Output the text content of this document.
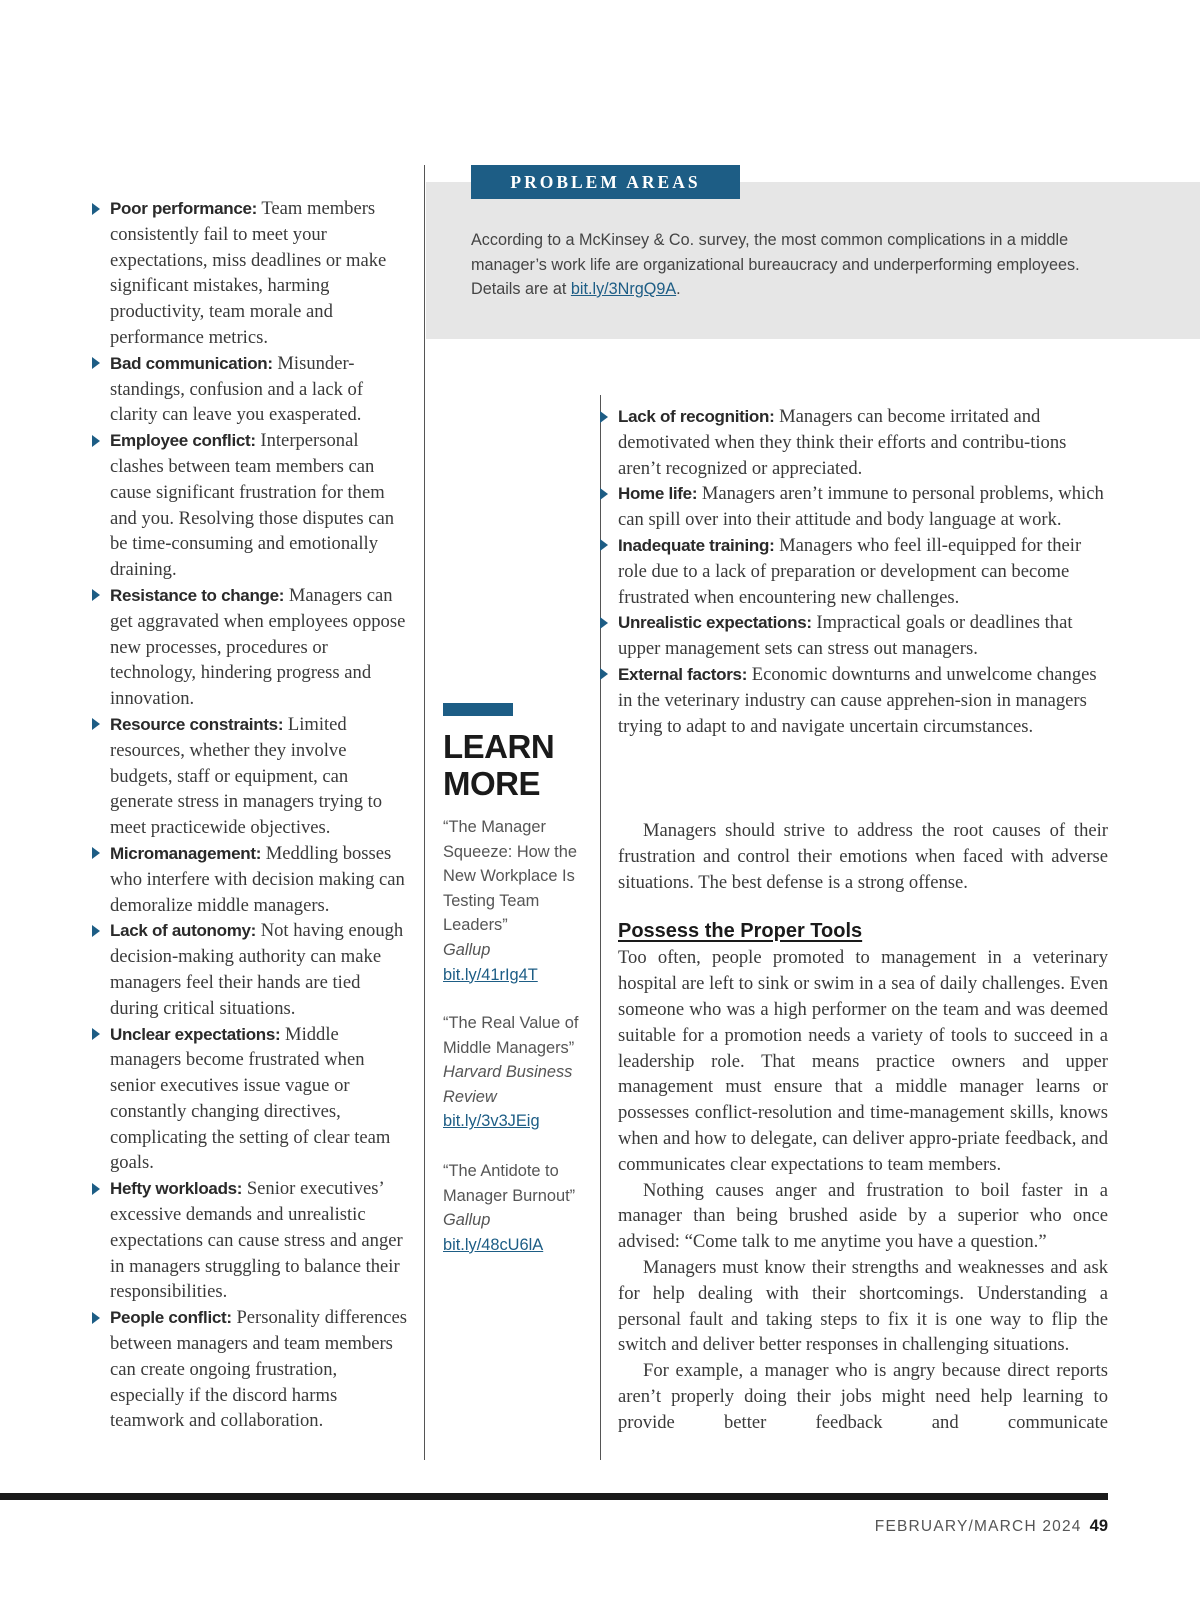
Poor performance: Team members consistently fail to meet your expectations, miss deadlines or make significant mistakes, harming productivity, team morale and performance metrics.
Bad communication: Misunder-standings, confusion and a lack of clarity can leave you exasperated.
Employee conflict: Interpersonal clashes between team members can cause significant frustration for them and you. Resolving those disputes can be time-consuming and emotionally draining.
Resistance to change: Managers can get aggravated when employees oppose new processes, procedures or technology, hindering progress and innovation.
Resource constraints: Limited resources, whether they involve budgets, staff or equipment, can generate stress in managers trying to meet practicewide objectives.
Micromanagement: Meddling bosses who interfere with decision making can demoralize middle managers.
Lack of autonomy: Not having enough decision-making authority can make managers feel their hands are tied during critical situations.
Unclear expectations: Middle managers become frustrated when senior executives issue vague or constantly changing directives, complicating the setting of clear team goals.
Hefty workloads: Senior executives’ excessive demands and unrealistic expectations can cause stress and anger in managers struggling to balance their responsibilities.
People conflict: Personality differences between managers and team members can create ongoing frustration, especially if the discord harms teamwork and collaboration.
PROBLEM AREAS
According to a McKinsey & Co. survey, the most common complications in a middle manager’s work life are organizational bureaucracy and underperforming employees. Details are at bit.ly/3NrgQ9A.
LEARN
MORE
“The Manager Squeeze: How the New Workplace Is Testing Team Leaders”
Gallup
bit.ly/41rIg4T
“The Real Value of Middle Managers”
Harvard Business Review
bit.ly/3v3JEig
“The Antidote to Manager Burnout”
Gallup
bit.ly/48cU6lA
Lack of recognition: Managers can become irritated and demotivated when they think their efforts and contribu-tions aren’t recognized or appreciated.
Home life: Managers aren’t immune to personal problems, which can spill over into their attitude and body language at work.
Inadequate training: Managers who feel ill-equipped for their role due to a lack of preparation or development can become frustrated when encountering new challenges.
Unrealistic expectations: Impractical goals or deadlines that upper management sets can stress out managers.
External factors: Economic downturns and unwelcome changes in the veterinary industry can cause apprehen-sion in managers trying to adapt to and navigate uncertain circumstances.

Managers should strive to address the root causes of their frustration and control their emotions when faced with adverse situations. The best defense is a strong offense.

Possess the Proper Tools

Too often, people promoted to management in a veterinary hospital are left to sink or swim in a sea of daily challenges. Even someone who was a high performer on the team and was deemed suitable for a promotion needs a variety of tools to succeed in a leadership role. That means practice owners and upper management must ensure that a middle manager learns or possesses conflict-resolution and time-management skills, knows when and how to delegate, can deliver appro-priate feedback, and communicates clear expectations to team members.

Nothing causes anger and frustration to boil faster in a manager than being brushed aside by a superior who once advised: “Come talk to me anytime you have a question.”

Managers must know their strengths and weaknesses and ask for help dealing with their shortcomings. Understanding a personal fault and taking steps to fix it is one way to flip the switch and deliver better responses in challenging situations.

For example, a manager who is angry because direct reports aren’t properly doing their jobs might need help learning to provide better feedback and communicate

FEBRUARY/MARCH 2024 49
